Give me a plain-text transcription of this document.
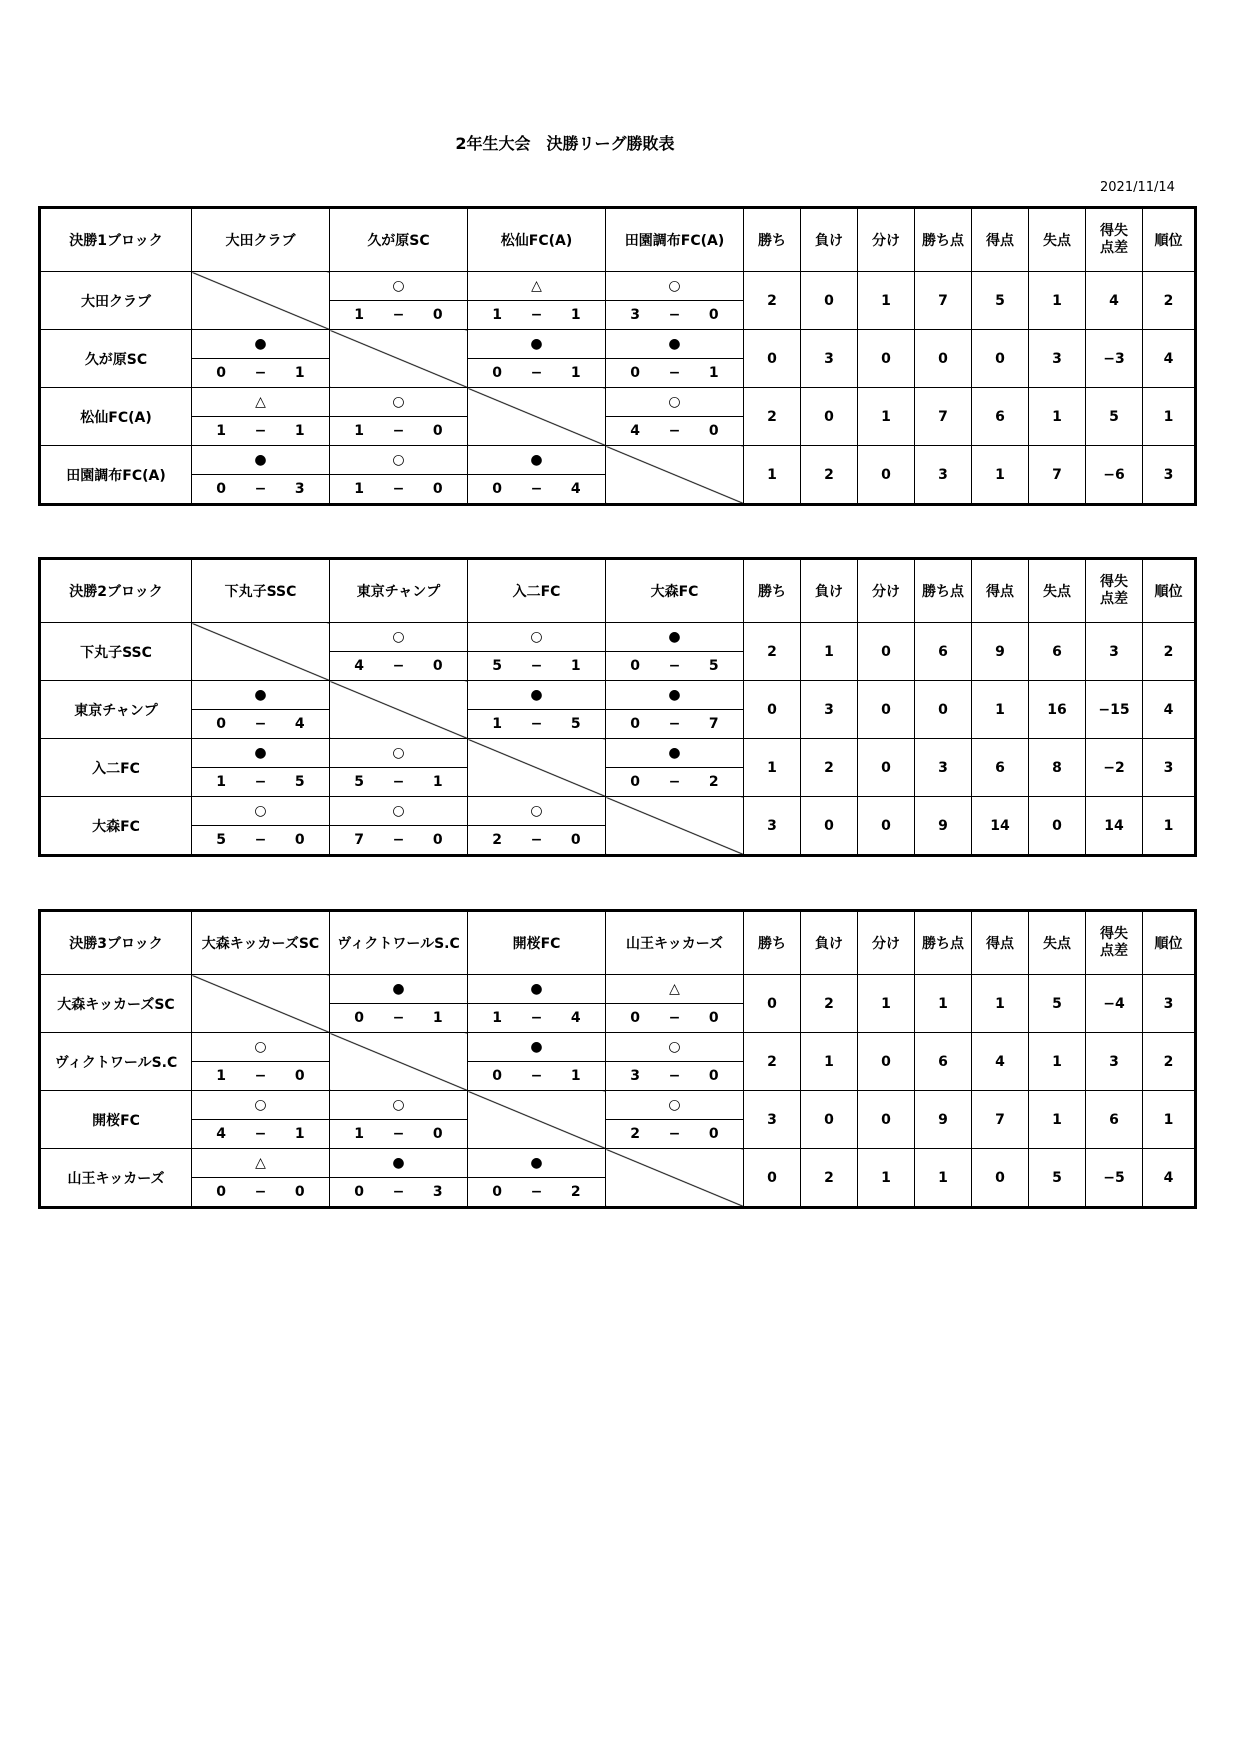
2年生大会　決勝リーグ勝敗表
2021/11/14
決勝1ブロック	大田クラブ	久が原SC	松仙FC(A)	田園調布FC(A)	勝ち	負け	分け	勝ち点	得点	失点	得失
点差	順位
大田クラブ		○	△	○	2	0	1	7	5	1	4	2

		1 − 0	1 − 1	3 − 0								

久が原SC	●		●	●	0	3	0	0	0	3	−3	4

	0 − 1		0 − 1	0 − 1								

松仙FC(A)	△	○		○	2	0	1	7	6	1	5	1

	1 − 1	1 − 0		4 − 0								

田園調布FC(A)	●	○	●		1	2	0	3	1	7	−6	3

	0 − 3	1 − 0	0 − 4									
決勝2ブロック	下丸子SSC	東京チャンプ	入二FC	大森FC	勝ち	負け	分け	勝ち点	得点	失点	得失
点差	順位
下丸子SSC		○	○	●	2	1	0	6	9	6	3	2

		4 − 0	5 − 1	0 − 5								

東京チャンプ	●		●	●	0	3	0	0	1	16	−15	4

	0 − 4		1 − 5	0 − 7								

入二FC	●	○		●	1	2	0	3	6	8	−2	3

	1 − 5	5 − 1		0 − 2								

大森FC	○	○	○		3	0	0	9	14	0	14	1

	5 − 0	7 − 0	2 − 0									
決勝3ブロック	大森キッカーズSC	ヴィクトワールS.C	開桜FC	山王キッカーズ	勝ち	負け	分け	勝ち点	得点	失点	得失
点差	順位
大森キッカーズSC		●	●	△	0	2	1	1	1	5	−4	3

		0 − 1	1 − 4	0 − 0								

ヴィクトワールS.C	○		●	○	2	1	0	6	4	1	3	2

	1 − 0		0 − 1	3 − 0								

開桜FC	○	○		○	3	0	0	9	7	1	6	1

	4 − 1	1 − 0		2 − 0								

山王キッカーズ	△	●	●		0	2	1	1	0	5	−5	4

	0 − 0	0 − 3	0 − 2									
